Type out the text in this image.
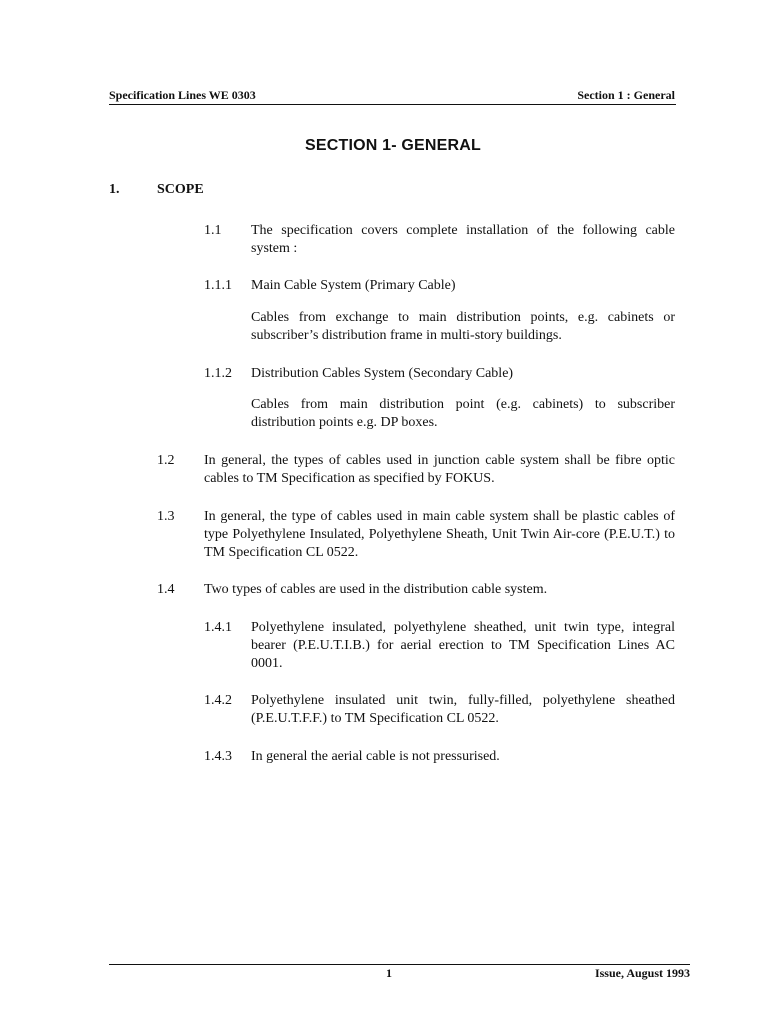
Specification Lines WE 0303	Section 1 : General
SECTION 1- GENERAL
1.	SCOPE
1.1 The specification covers complete installation of the following cable system :
1.1.1 Main Cable System (Primary Cable)
Cables from exchange to main distribution points, e.g. cabinets or subscriber’s distribution frame in multi-story buildings.
1.1.2 Distribution Cables System (Secondary Cable)
Cables from main distribution point (e.g. cabinets) to subscriber distribution points e.g. DP boxes.
1.2 In general, the types of cables used in junction cable system shall be fibre optic cables to TM Specification as specified by FOKUS.
1.3 In general, the type of cables used in main cable system shall be plastic cables of type Polyethylene Insulated, Polyethylene Sheath, Unit Twin Air-core (P.E.U.T.) to TM Specification CL 0522.
1.4 Two types of cables are used in the distribution cable system.
1.4.1 Polyethylene insulated, polyethylene sheathed, unit twin type, integral bearer (P.E.U.T.I.B.) for aerial erection to TM Specification Lines AC 0001.
1.4.2 Polyethylene insulated unit twin, fully-filled, polyethylene sheathed (P.E.U.T.F.F.) to TM Specification CL 0522.
1.4.3 In general the aerial cable is not pressurised.
1	Issue, August 1993
